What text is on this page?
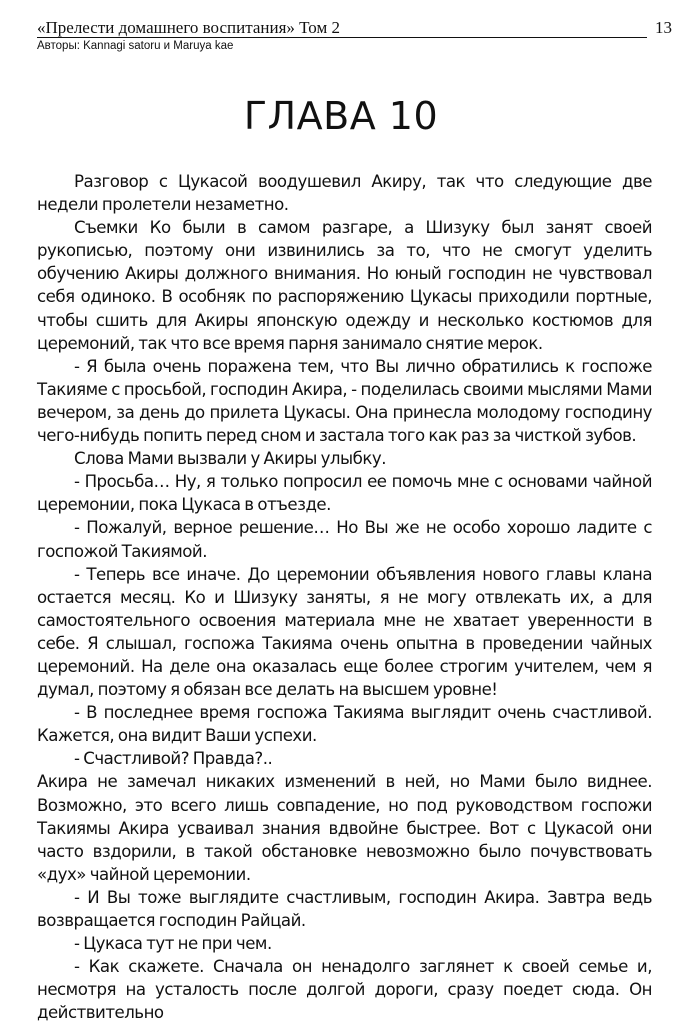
«Прелести домашнего воспитания» Том 2	13
Авторы: Kannagi satoru и Maruya kae
ГЛАВА 10

Разговор с Цукасой воодушевил Акиру, так что следующие две недели пролетели незаметно.

Съемки Ко были в самом разгаре, а Шизуку был занят своей рукописью, поэтому они извинились за то, что не смогут уделить обучению Акиры должного внимания. Но юный господин не чувствовал себя одиноко. В особняк по распоряжению Цукасы приходили портные, чтобы сшить для Акиры японскую одежду и несколько костюмов для церемоний, так что все время парня занимало снятие мерок.

- Я была очень поражена тем, что Вы лично обратились к госпоже Такияме с просьбой, господин Акира, - поделилась своими мыслями Мами вечером, за день до прилета Цукасы. Она принесла молодому господину чего-нибудь попить перед сном и застала того как раз за чисткой зубов.

Слова Мами вызвали у Акиры улыбку.

- Просьба… Ну, я только попросил ее помочь мне с основами чайной церемонии, пока Цукаса в отъезде.

- Пожалуй, верное решение… Но Вы же не особо хорошо ладите с госпожой Такиямой.

- Теперь все иначе. До церемонии объявления нового главы клана остается месяц. Ко и Шизуку заняты, я не могу отвлекать их, а для самостоятельного освоения материала мне не хватает уверенности в себе. Я слышал, госпожа Такияма очень опытна в проведении чайных церемоний. На деле она оказалась еще более строгим учителем, чем я думал, поэтому я обязан все делать на высшем уровне!

- В последнее время госпожа Такияма выглядит очень счастливой. Кажется, она видит Ваши успехи.

- Счастливой? Правда?..

Акира не замечал никаких изменений в ней, но Мами было виднее. Возможно, это всего лишь совпадение, но под руководством госпожи Такиямы Акира усваивал знания вдвойне быстрее. Вот с Цукасой они часто вздорили, в такой обстановке невозможно было почувствовать «дух» чайной церемонии.

- И Вы тоже выглядите счастливым, господин Акира. Завтра ведь возвращается господин Райцай.

- Цукаса тут не при чем.

- Как скажете. Сначала он ненадолго заглянет к своей семье и, несмотря на усталость после долгой дороги, сразу поедет сюда. Он действительно
